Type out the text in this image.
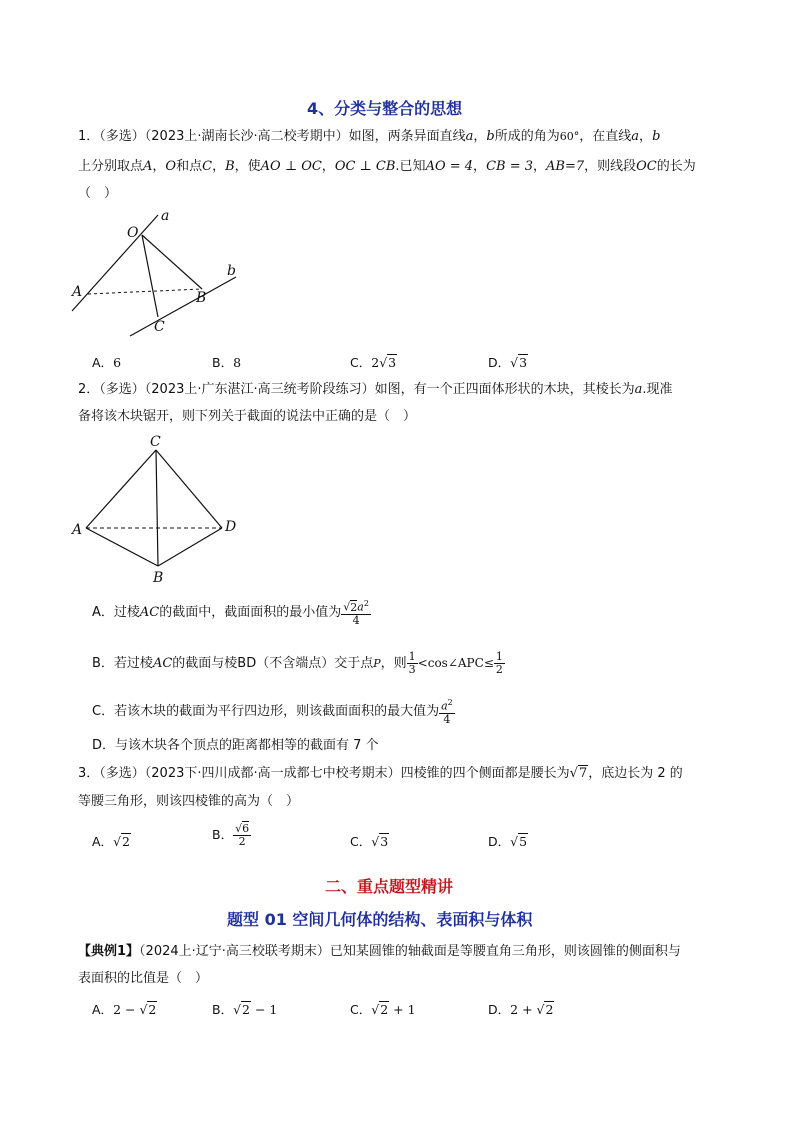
4、分类与整合的思想
1．（多选）（2023上·湖南长沙·高二校考期中）如图，两条异面直线a，b所成的角为60°，在直线a，b
上分别取点A，O和点C，B，使AO ⊥ OC，OC ⊥ CB.已知AO = 4，CB = 3，AB=7，则线段OC的长为
（　）
a
b
O
A	B
C
A．6	B．8	C．2√3	D．√3
2．（多选）（2023上·广东湛江·高三统考阶段练习）如图，有一个正四面体形状的木块，其棱长为a.现准
备将该木块锯开，则下列关于截面的说法中正确的是（　）
C
A	D
B
A．过棱AC的截面中，截面面积的最小值为 $\frac{√2a^2}{4}$
B．若过棱AC的截面与棱BD（不含端点）交于点P，则 $\frac{1}{3}$ <cos∠APC≤ $\frac{1}{2}$
C．若该木块的截面为平行四边形，则该截面面积的最大值为 $\frac{a^2}{4}$
D．与该木块各个顶点的距离都相等的截面有 7 个
3．（多选）（2023下·四川成都·高一成都七中校考期末）四棱锥的四个侧面都是腰长为√7，底边长为 2 的
等腰三角形，则该四棱锥的高为（　）
A．√2	B． $\frac{√6}{2}$	C．√3	D．√5
二、重点题型精讲
题型 01 空间几何体的结构、表面积与体积
【典例1】（2024上·辽宁·高三校联考期末）已知某圆锥的轴截面是等腰直角三角形，则该圆锥的侧面积与
表面积的比值是（　）
A．2 − √2	B．√2 − 1	C．√2 + 1	D．2 + √2
